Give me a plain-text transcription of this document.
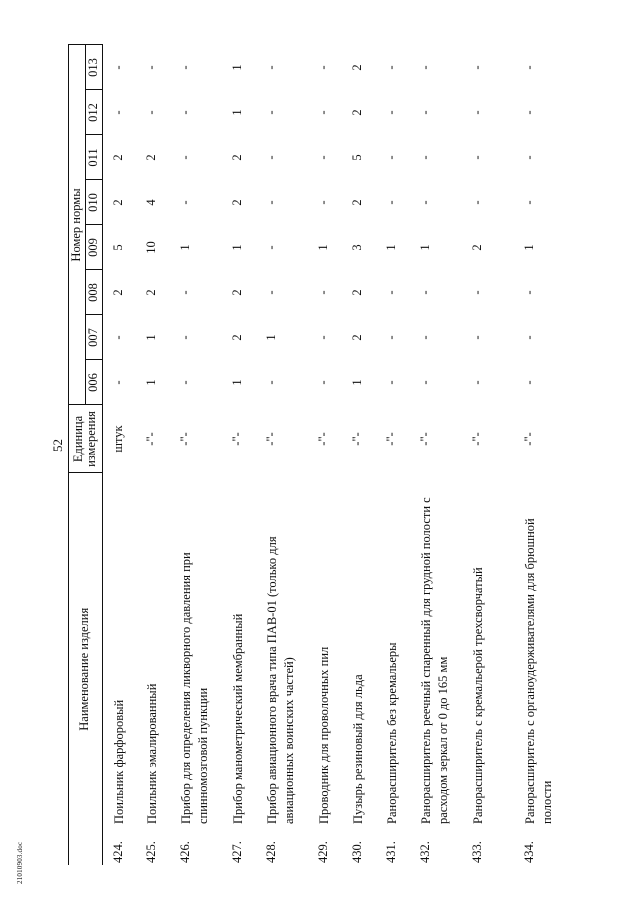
52
21010903.doc
Наименование изделия		Единица
измерения	Номер нормы							
			006	007	008	009	010	011	012	013
424.	Поильник фарфоровый	штук	-	-	2	5	2	2	-	-
425.	Поильник эмалированный	-"-	1	1	2	10	4	2	-	-
426.	Прибор для определения ликворного давления при спинномозговой пункции	-"-	-	-	-	1	-	-	-	-
427.	Прибор манометрический мембранный	-"-	1	2	2	1	2	2	1	1
428.	Прибор авиационного врача типа ПАВ-01 (только для авиационных воинских частей)	-"-	-	1	-	-	-	-	-	-
429.	Проводник для проволочных пил	-"-	-	-	-	1	-	-	-	-
430.	Пузырь резиновый для льда	-"-	1	2	2	3	2	5	2	2
431.	Ранорасширитель без кремальеры	-"-	-	-	-	1	-	-	-	-
432.	Ранорасширитель реечный спаренный для грудной полости с расходом зеркал от 0 до 165 мм	-"-	-	-	-	1	-	-	-	-
433.	Ранорасширитель с кремальерой трехсворчатый	-"-	-	-	-	2	-	-	-	-
434.	Ранорасширитель с органоудерживателями для брюшной полости	-"-	-	-	-	1	-	-	-	-
